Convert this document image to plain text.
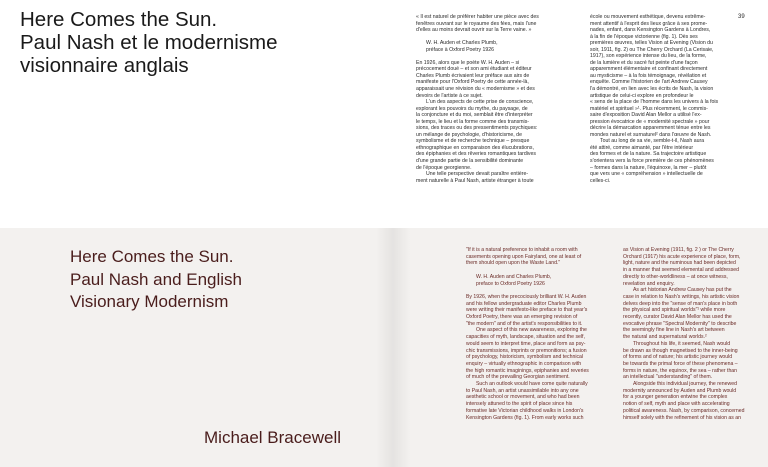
Here Comes the Sun.
Paul Nash et le modernisme
visionnaire anglais

« Il est naturel de préférer habiter une pièce avec des

fenêtres ouvrant sur le royaume des fées, mais l'une

d'elles au moins devrait ouvrir sur la Terre vaine. »

W. H. Auden et Charles Plumb,

préface à Oxford Poetry 1926

En 1926, alors que le poète W. H. Auden – si

précocement doué – et son ami étudiant et éditeur

Charles Plumb écrivaient leur préface aux airs de

manifeste pour l'Oxford Poetry de cette année-là,

apparaissait une révision du « modernisme » et des

devoirs de l'artiste à ce sujet.

L'un des aspects de cette prise de conscience,

explorant les pouvoirs du mythe, du paysage, de

la conjoncture et du moi, semblait être d'interpréter

le temps, le lieu et la forme comme des transmis-

sions, des traces ou des pressentiments psychiques:

un mélange de psychologie, d'historicisme, de

symbolisme et de recherche technique – presque

ethnographique en comparaison des élucubrations,

des épiphanies et des rêveries romantiques tardives

d'une grande partie de la sensibilité dominante

de l'époque georgienne.

Une telle perspective devait paraître entière-

ment naturelle à Paul Nash, artiste étranger à toute

école ou mouvement esthétique, devenu extrême-

ment attentif à l'esprit des lieux grâce à ses prome-

nades, enfant, dans Kensington Gardens à Londres,

à la fin de l'époque victorienne (fig. 1). Dès ses

premières œuvres, telles Vision at Evening (Vision du

soir, 1911, fig. 2) ou The Cherry Orchard (La Cerisaie,

1917), son expérience intense du lieu, de la forme,

de la lumière et du sacré fut peinte d'une façon

apparemment élémentaire et confinant directement

au mysticisme – à la fois témoignage, révélation et

enquête. Comme l'historien de l'art Andrew Causey

l'a démontré, en lien avec les écrits de Nash, la vision

artistique de celui-ci explore en profondeur le

« sens de la place de l'homme dans les univers à la fois

matériel et spirituel »¹. Plus récemment, le commis-

saire d'exposition David Alan Mellor a utilisé l'ex-

pression évocatrice de « modernité spectrale » pour

décrire la démarcation apparemment ténue entre les

mondes naturel et surnaturel² dans l'œuvre de Nash.

Tout au long de sa vie, semble-t-il, Nash aura

été attiré, comme aimanté, par l'être intérieur

des formes et de la nature. Sa trajectoire artistique

s'orientera vers la force première de ces phénomènes

– formes dans la nature, l'équinoxe, la mer – plutôt

que vers une « compréhension » intellectuelle de

celles-ci.

39
Here Comes the Sun.
Paul Nash and English
Visionary Modernism
Michael Bracewell

"If it is a natural preference to inhabit a room with

casements opening upon Fairyland, one at least of

them should open upon the Waste Land."

W. H. Auden and Charles Plumb,

preface to Oxford Poetry 1926

By 1926, when the precociously brilliant W. H. Auden

and his fellow undergraduate editor Charles Plumb

were writing their manifesto-like preface to that year's

Oxford Poetry, there was an emerging revision of

"the modern" and of the artist's responsibilities to it.

One aspect of this new awareness, exploring the

capacities of myth, landscape, situation and the self,

would seem to interpret time, place and form as psy-

chic transmissions, imprints or premonitions; a fusion

of psychology, historicism, symbolism and technical

enquiry – virtually ethnographic in comparison with

the high romantic imaginings, epiphanies and reveries

of much of the prevailing Georgian sentiment.

Such an outlook would have come quite naturally

to Paul Nash, an artist unassimilable into any one

aesthetic school or movement, and who had been

intensely attuned to the spirit of place since his

formative late Victorian childhood walks in London's

Kensington Gardens (fig. 1). From early works such

as Vision at Evening (1911, fig. 2 ) or The Cherry

Orchard (1917) his acute experience of place, form,

light, nature and the numinous had been depicted

in a manner that seemed elemental and addressed

directly to other-worldliness – at once witness,

revelation and enquiry.

As art historian Andrew Causey has put the

case in relation to Nash's writings, his artistic vision

delves deep into the "sense of man's place in both

the physical and spiritual worlds"¹ while more

recently, curator David Alan Mellor has used the

evocative phrase "Spectral Modernity" to describe

the seemingly fine line in Nash's art between

the natural and supernatural worlds.²

Throughout his life, it seemed, Nash would

be drawn as though magnetised to the inner-being

of forms and of nature; his artistic journey would

be towards the primal force of these phenomena –

forms in nature, the equinox, the sea – rather than

an intellectual "understanding" of them.

Alongside this individual journey, the renewed

modernity announced by Auden and Plumb would

for a younger generation entwine the complex

notion of self, myth and place with accelerating

political awareness. Nash, by comparison, concerned

himself solely with the refinement of his vision as an
